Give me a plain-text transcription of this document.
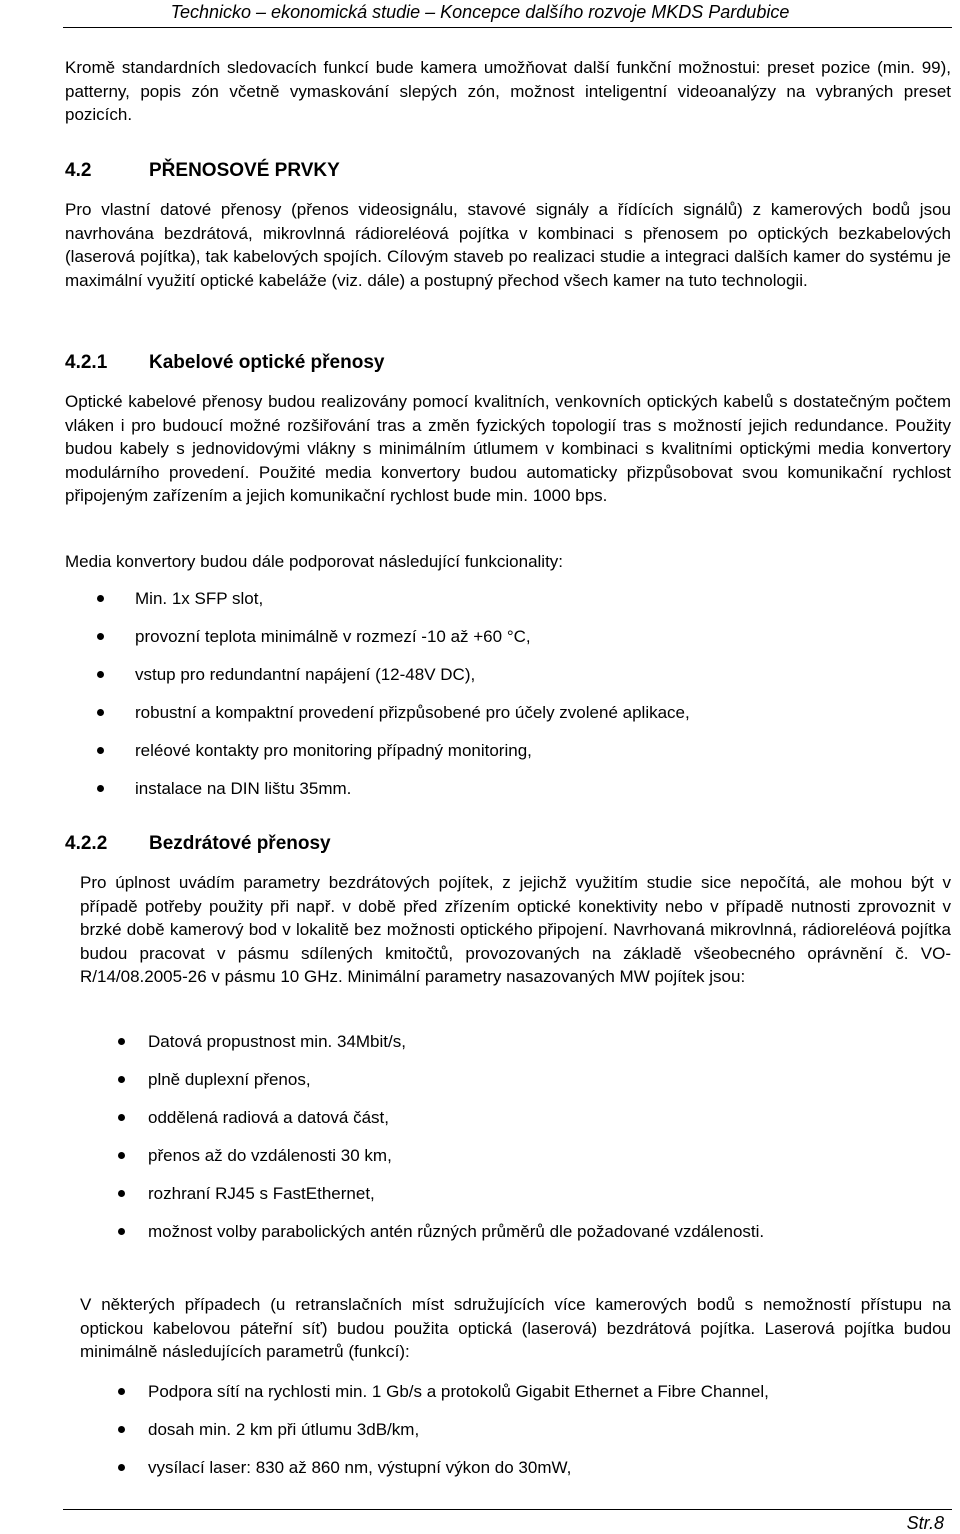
Technicko – ekonomická studie – Koncepce dalšího rozvoje MKDS Pardubice

Kromě standardních sledovacích funkcí bude kamera umožňovat další funkční možnostui: preset pozice (min. 99), patterny, popis zón včetně vymaskování slepých zón, možnost inteligentní videoanalýzy na vybraných preset pozicích.

4.2	PŘENOSOVÉ PRVKY

Pro vlastní datové přenosy (přenos videosignálu, stavové signály a řídících signálů) z kamerových bodů jsou navrhována bezdrátová, mikrovlnná rádioreléová pojítka v kombinaci s přenosem po optických bezkabelových (laserová pojítka), tak kabelových spojích. Cílovým staveb po realizaci studie a integraci dalších kamer do systému je maximální využití optické kabeláže (viz. dále) a postupný přechod všech kamer na tuto technologii.

4.2.1 Kabelové optické přenosy

Optické kabelové přenosy budou realizovány pomocí kvalitních, venkovních optických kabelů s dostatečným počtem vláken i pro budoucí možné rozšiřování tras a změn fyzických topologií tras s možností jejich redundance. Použity budou kabely s jednovidovými vlákny s minimálním útlumem v kombinaci s kvalitními optickými media konvertory modulárního provedení. Použité media konvertory budou automaticky přizpůsobovat svou komunikační rychlost připojeným zařízením a jejich komunikační rychlost bude min. 1000 bps.

Media konvertory budou dále podporovat následující funkcionality:

Min. 1x SFP slot,
provozní teplota minimálně v rozmezí -10 až +60 °C,
vstup pro redundantní napájení (12-48V DC),
robustní a kompaktní provedení přizpůsobené pro účely zvolené aplikace,
reléové kontakty pro monitoring případný monitoring,
instalace na DIN lištu 35mm.

4.2.2 Bezdrátové přenosy

Pro úplnost uvádím parametry bezdrátových pojítek, z jejichž využitím studie sice nepočítá, ale mohou být v případě potřeby použity při např. v době před zřízením optické konektivity nebo v případě nutnosti zprovoznit v brzké době kamerový bod v lokalitě bez možnosti optického připojení. Navrhovaná mikrovlnná, rádioreléová pojítka budou pracovat v pásmu sdílených kmitočtů, provozovaných na základě všeobecného oprávnění č. VO-R/14/08.2005-26 v pásmu 10 GHz. Minimální parametry nasazovaných MW pojítek jsou:

Datová propustnost min. 34Mbit/s,
plně duplexní přenos,
oddělená radiová a datová část,
přenos až do vzdálenosti 30 km,
rozhraní RJ45 s FastEthernet,
možnost volby parabolických antén různých průměrů dle požadované vzdálenosti.

V některých případech (u retranslačních míst sdružujících více kamerových bodů s nemožností přístupu na optickou kabelovou páteřní síť) budou použita optická (laserová) bezdrátová pojítka. Laserová pojítka budou minimálně následujících parametrů (funkcí):

Podpora sítí na rychlosti min. 1 Gb/s a protokolů Gigabit Ethernet a Fibre Channel,
dosah min. 2 km při útlumu 3dB/km,
vysílací laser: 830 až 860 nm, výstupní výkon do 30mW,
Str.8
